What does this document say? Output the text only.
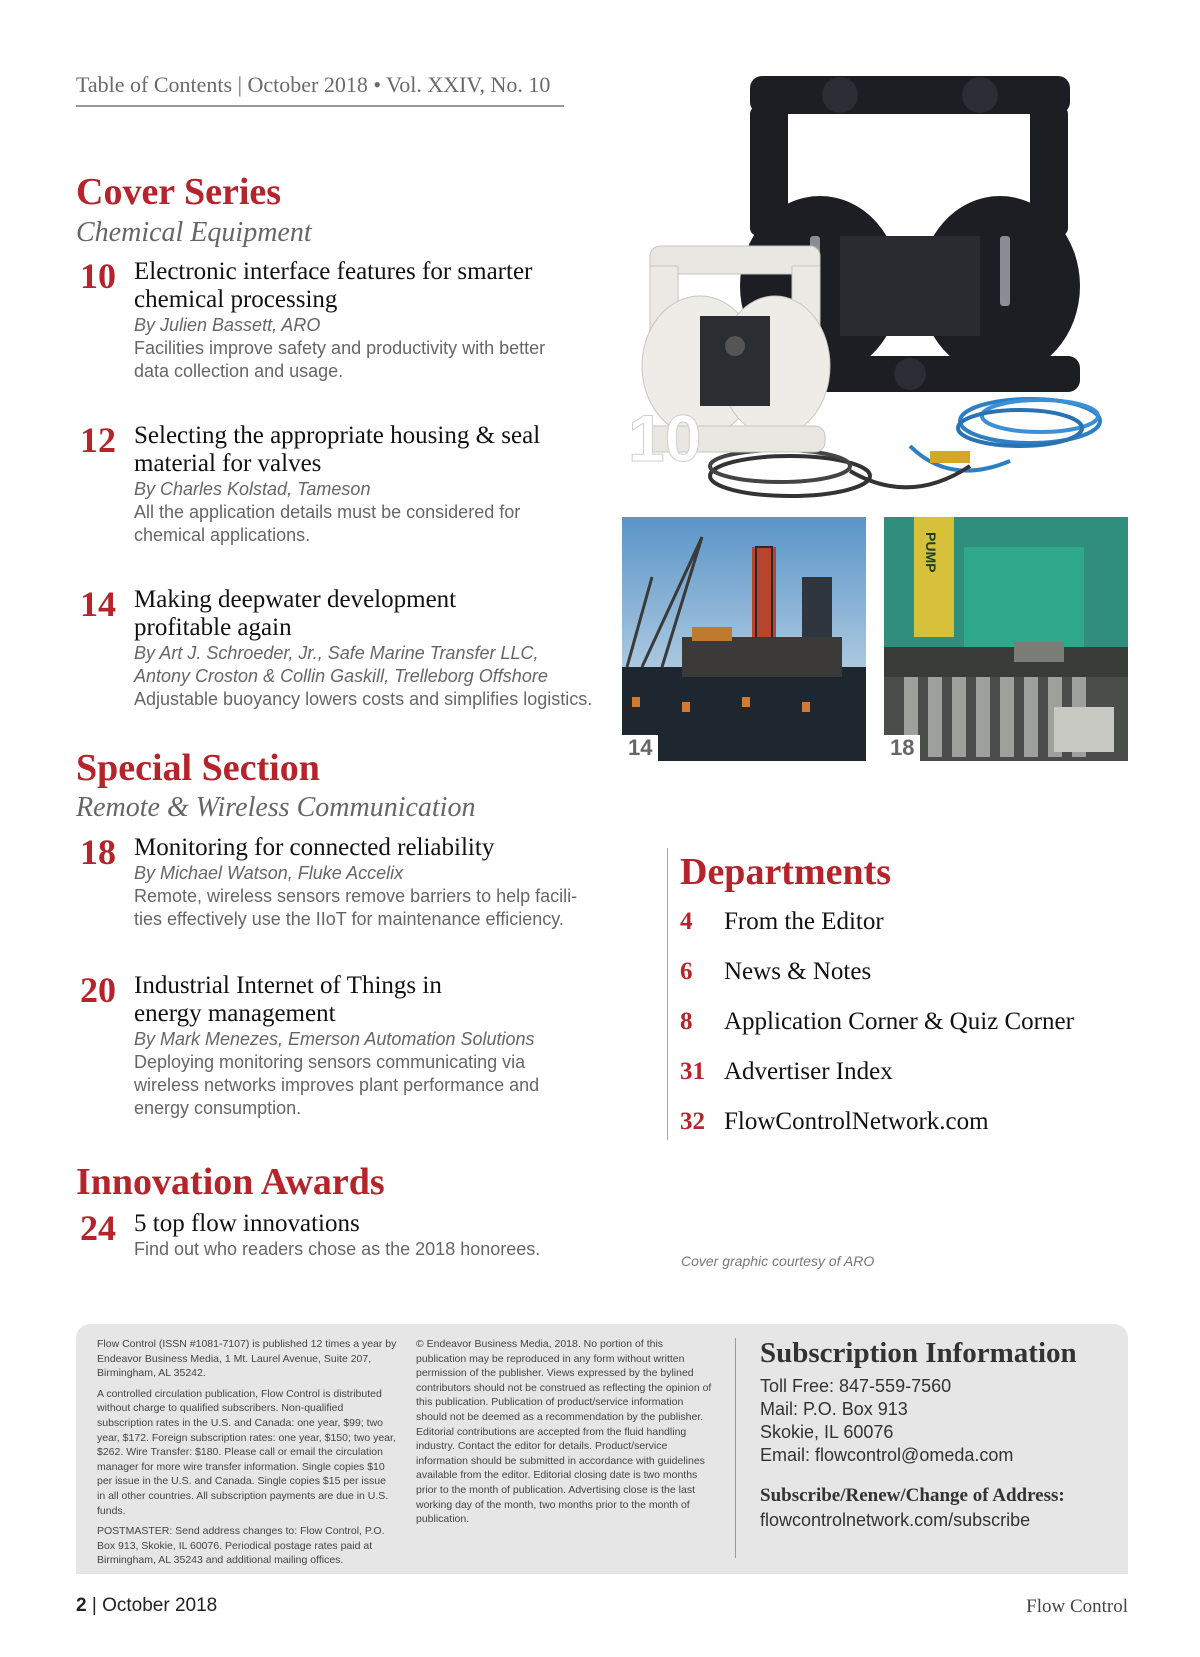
Table of Contents | October 2018 • Vol. XXIV, No. 10
Cover Series
Chemical Equipment
10 Electronic interface features for smarter
chemical processing
By Julien Bassett, ARO
Facilities improve safety and productivity with better
data collection and usage.
12 Selecting the appropriate housing & seal
material for valves
By Charles Kolstad, Tameson
All the application details must be considered for
chemical applications.
14 Making deepwater development
profitable again
By Art J. Schroeder, Jr., Safe Marine Transfer LLC,
Antony Croston & Collin Gaskill, Trelleborg Offshore
Adjustable buoyancy lowers costs and simplifies logistics.
Special Section
Remote & Wireless Communication
18 Monitoring for connected reliability
By Michael Watson, Fluke Accelix
Remote, wireless sensors remove barriers to help facili-
ties effectively use the IIoT for maintenance efficiency.
20 Industrial Internet of Things in
energy management
By Mark Menezes, Emerson Automation Solutions
Deploying monitoring sensors communicating via
wireless networks improves plant performance and
energy consumption.
Innovation Awards
24 5 top flow innovations
Find out who readers chose as the 2018 honorees.
10
14
PUMP
18
Departments
4 From the Editor
6 News & Notes
8 Application Corner & Quiz Corner
31 Advertiser Index
32 FlowControlNetwork.com
Cover graphic courtesy of ARO
Flow Control (ISSN #1081-7107) is published 12 times a year by Endeavor Business Media, 1 Mt. Laurel Avenue, Suite 207, Birmingham, AL 35242.
A controlled circulation publication, Flow Control is distributed without charge to qualified subscribers. Non-qualified subscription rates in the U.S. and Canada: one year, $99; two year, $172. Foreign subscription rates: one year, $150; two year, $262. Wire Transfer: $180. Please call or email the circulation manager for more wire transfer information. Single copies $10 per issue in the U.S. and Canada. Single copies $15 per issue in all other countries. All subscription payments are due in U.S. funds.
POSTMASTER: Send address changes to: Flow Control, P.O. Box 913, Skokie, IL 60076. Periodical postage rates paid at Birmingham, AL 35243 and additional mailing offices.
© Endeavor Business Media, 2018. No portion of this publication may be reproduced in any form without written permission of the publisher. Views expressed by the bylined contributors should not be construed as reflecting the opinion of this publication. Publication of product/service information should not be deemed as a recommendation by the publisher. Editorial contributions are accepted from the fluid handling industry. Contact the editor for details. Product/service information should be submitted in accordance with guidelines available from the editor. Editorial closing date is two months prior to the month of publication. Advertising close is the last working day of the month, two months prior to the month of publication.
Subscription Information
Toll Free: 847-559-7560
Mail: P.O. Box 913
Skokie, IL 60076
Email: flowcontrol@omeda.com
Subscribe/Renew/Change of Address:
flowcontrolnetwork.com/subscribe
2 | October 2018	Flow Control
